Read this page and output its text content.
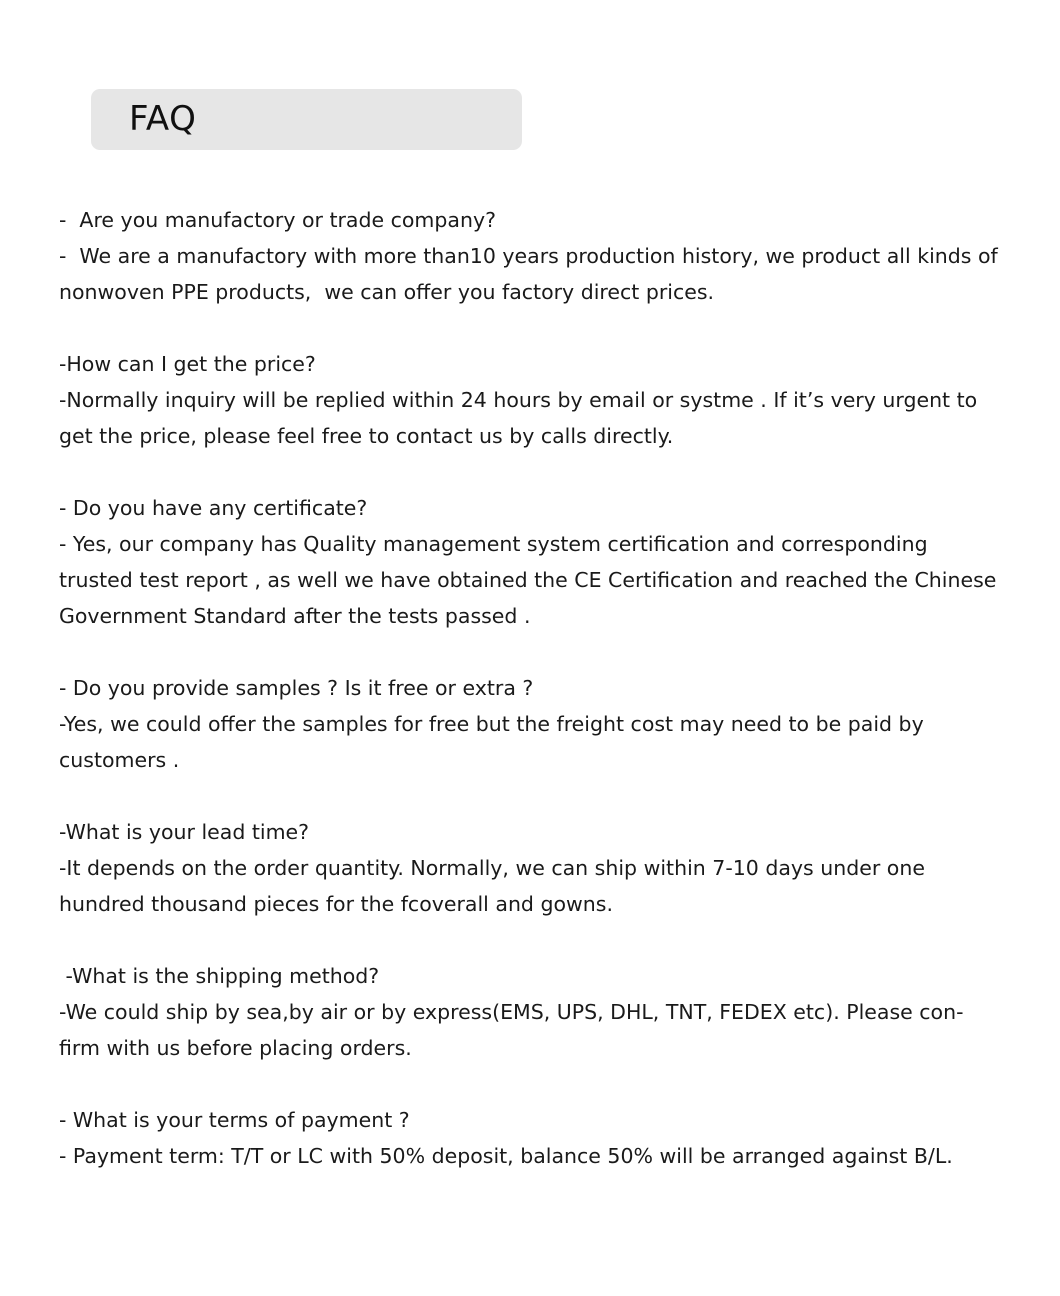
FAQ
-  Are you manufactory or trade company?
-  We are a manufactory with more than10 years production history, we product all kinds of nonwoven PPE products,  we can offer you factory direct prices.
-How can I get the price?
-Normally inquiry will be replied within 24 hours by email or systme . If it’s very urgent to get the price, please feel free to contact us by calls directly.
- Do you have any certificate?
- Yes, our company has Quality management system certification and corresponding trusted test report , as well we have obtained the CE Certification and reached the Chinese Government Standard after the tests passed .
- Do you provide samples ? Is it free or extra ?
-Yes, we could offer the samples for free but the freight cost may need to be paid by customers .
-What is your lead time?
-It depends on the order quantity. Normally, we can ship within 7-10 days under one hundred thousand pieces for the fcoverall and gowns.
-What is the shipping method?
-We could ship by sea,by air or by express(EMS, UPS, DHL, TNT, FEDEX etc). Please con-firm with us before placing orders.
- What is your terms of payment ?
- Payment term: T/T or LC with 50% deposit, balance 50% will be arranged against B/L.
